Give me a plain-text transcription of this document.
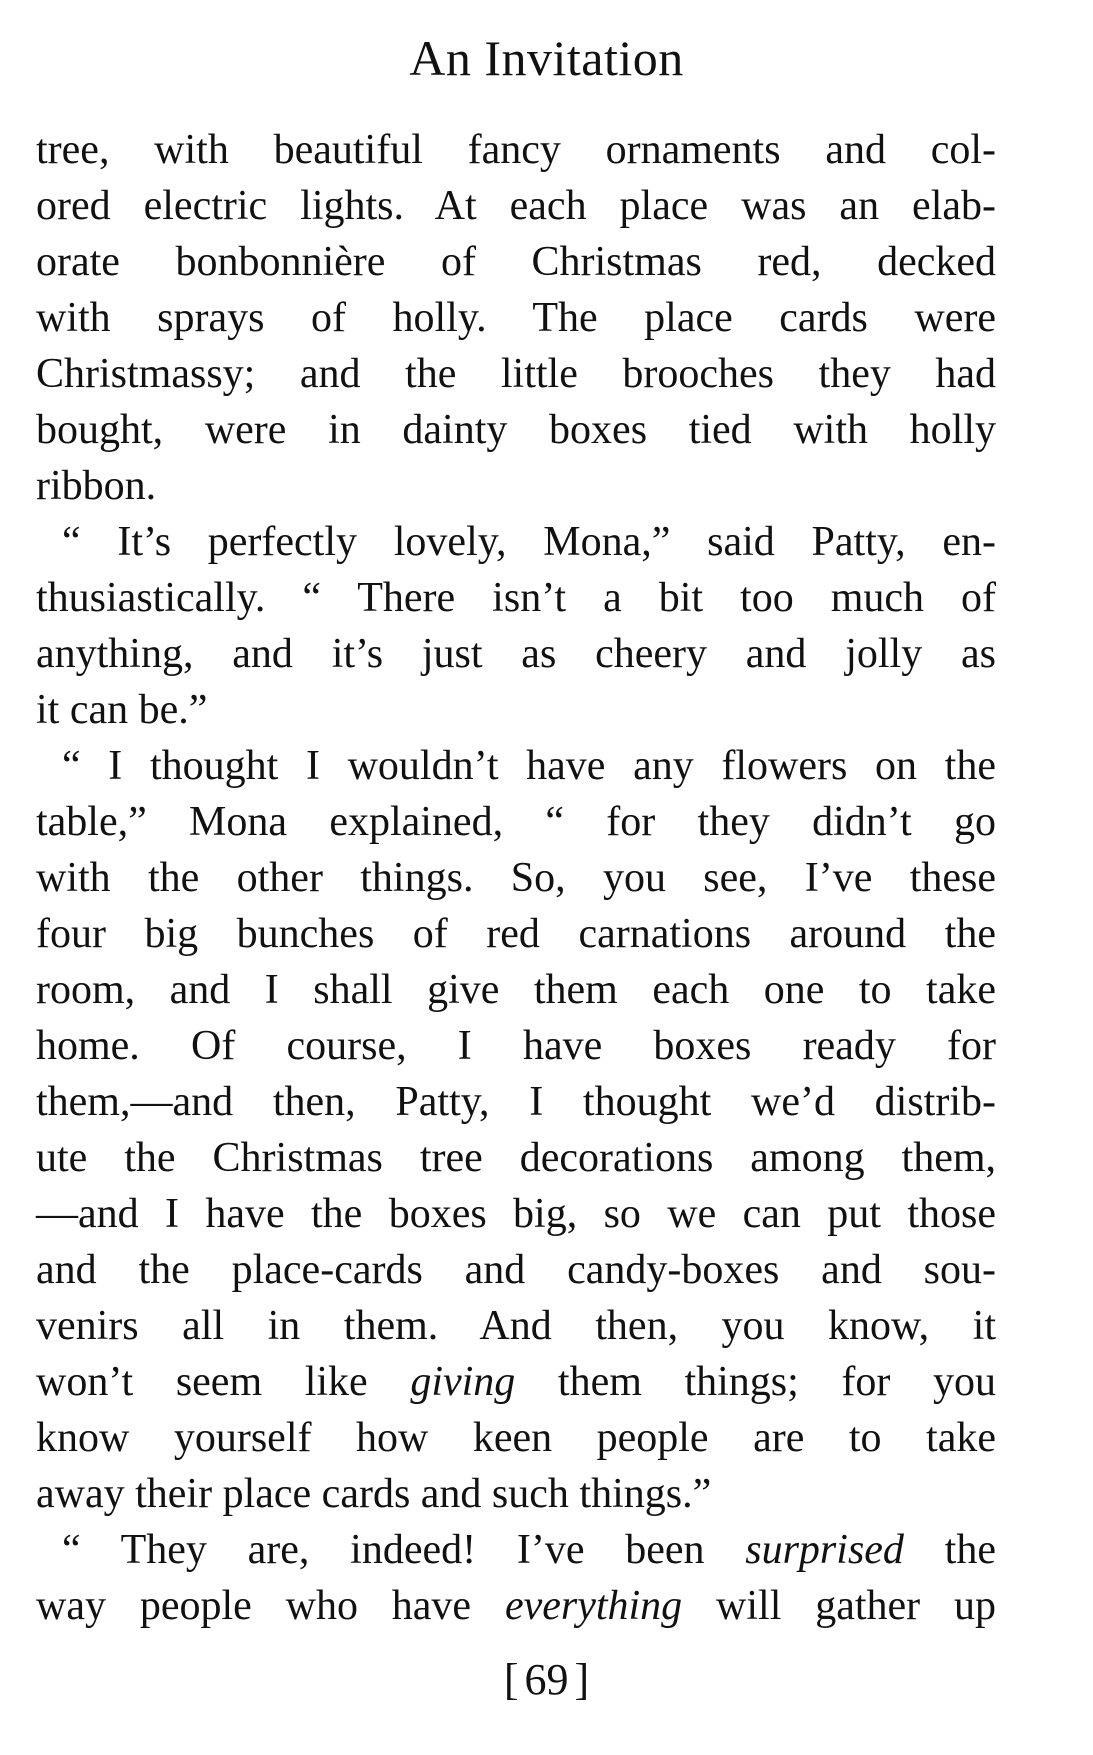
An Invitation
tree, with beautiful fancy ornaments and col-
ored electric lights. At each place was an elab-
orate bonbonnière of Christmas red, decked
with sprays of holly. The place cards were
Christmassy; and the little brooches they had
bought, were in dainty boxes tied with holly
ribbon.
“ It’s perfectly lovely, Mona,” said Patty, en-
thusiastically. “ There isn’t a bit too much of
anything, and it’s just as cheery and jolly as
it can be.”
“ I thought I wouldn’t have any flowers on the
table,” Mona explained, “ for they didn’t go
with the other things. So, you see, I’ve these
four big bunches of red carnations around the
room, and I shall give them each one to take
home. Of course, I have boxes ready for
them,—and then, Patty, I thought we’d distrib-
ute the Christmas tree decorations among them,
—and I have the boxes big, so we can put those
and the place-cards and candy-boxes and sou-
venirs all in them. And then, you know, it
won’t seem like giving them things; for you
know yourself how keen people are to take
away their place cards and such things.”
“ They are, indeed! I’ve been surprised the
way people who have everything will gather up
[ 69 ]
